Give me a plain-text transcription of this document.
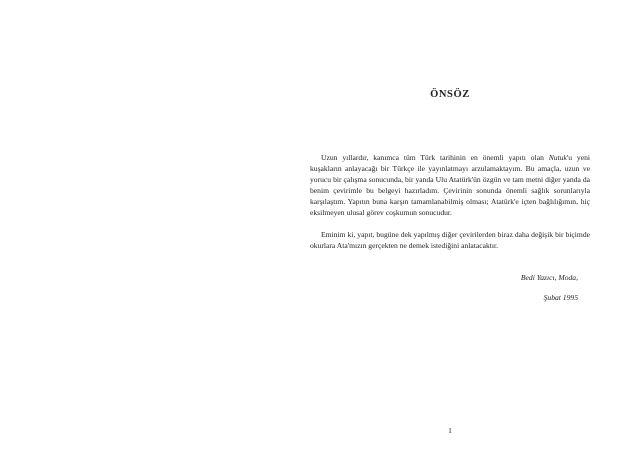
ÖNSÖZ

Uzun yıllardır, kanımca tüm Türk tarihinin en önemli yapıtı olan Nutuk'u yeni kuşakların anlayacağı bir Türkçe ile yayınlatmayı arzulamaktayım. Bu amaçla, uzun ve yorucu bir çalışma sonucunda, bir yanda Ulu Atatürk'ün özgün ve tam metni diğer yanda da benim çevirimle bu belgeyi hazırladım. Çevirinin sonunda önemli sağlık sorunlarıyla karşılaştım. Yapıtın buna karşın tamamlanabilmiş olması; Atatürk'e içten bağlılığımın, hiç eksilmeyen ulusal görev coşkumun sonucudur.

Eminim ki, yapıt, bugüne dek yapılmış diğer çevirilerden biraz daha değişik bir biçimde okurlara Ata'mızın gerçekten ne demek istediğini anlatacaktır.

Bedi Yazıcı, Moda,
Şubat 1995
1
